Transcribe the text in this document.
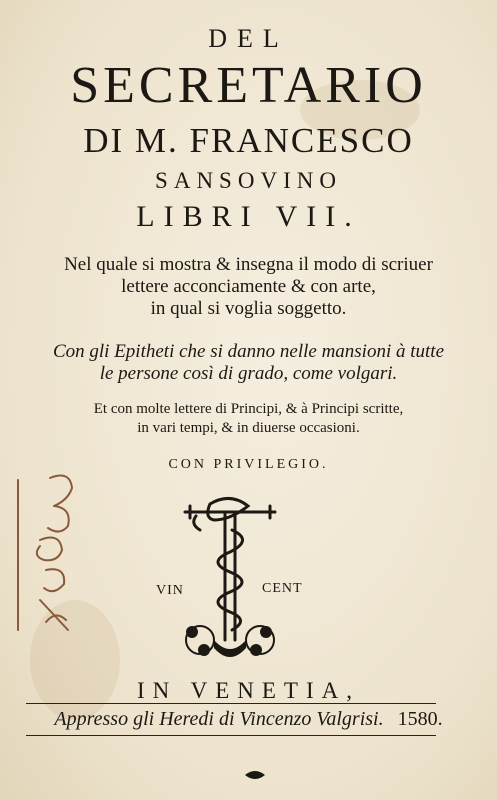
DEL
SECRETARIO
DI M. FRANCESCO
SANSOVINO
LIBRI VII.
Nel quale si mostra & insegna il modo di scriuer
lettere acconciamente & con arte,
in qual si voglia soggetto.
Con gli Epitheti che si danno nelle mansioni à tutte
le persone così di grado, come volgari.
Et con molte lettere di Principi, & à Principi scritte,
in vari tempi, & in diuerse occasioni.
CON PRIVILEGIO.
VIN	CENT
IN VENETIA,
Appresso gli Heredi di Vincenzo Valgrisi. 1580.
